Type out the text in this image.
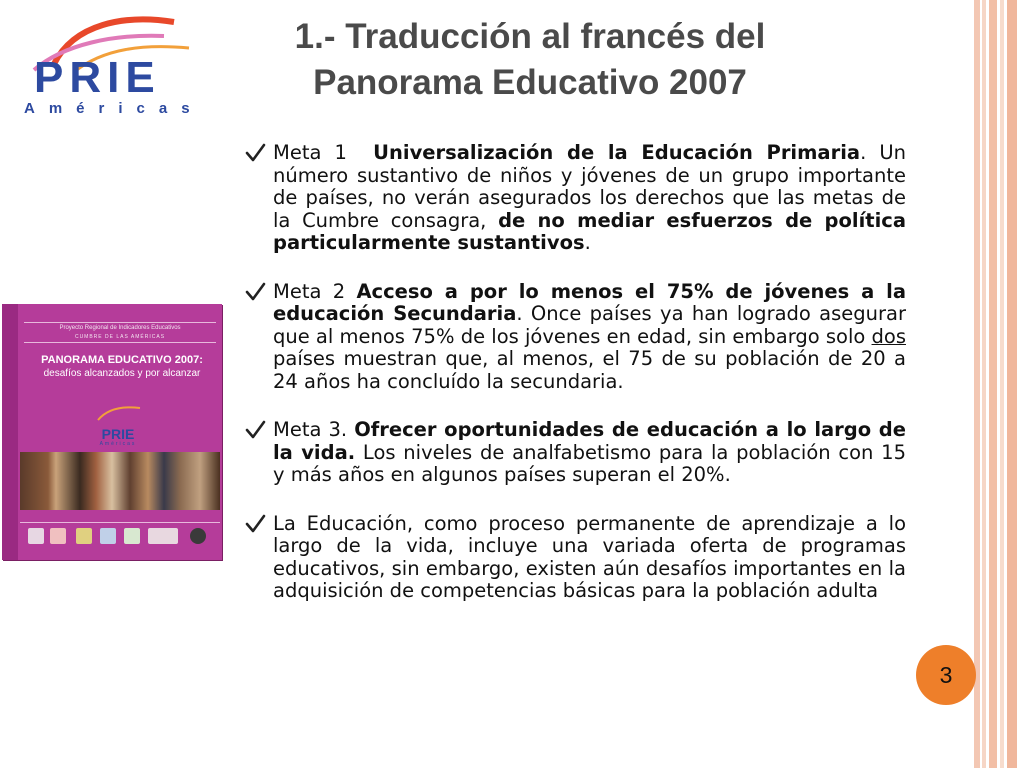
PRIE
Américas
1.- Traducción al francés del
Panorama Educativo 2007
Proyecto Regional de Indicadores Educativos
CUMBRE DE LAS AMÉRICAS
PANORAMA EDUCATIVO 2007:
desafíos alcanzados y por alcanzar
PRIE
Américas
Meta 1 Universalización de la Educación Primaria. Un número sustantivo de niños y jóvenes de un grupo importante de países, no verán asegurados los derechos que las metas de la Cumbre consagra, de no mediar esfuerzos de política particularmente sustantivos.
Meta 2 Acceso a por lo menos el 75% de jóvenes a la educación Secundaria. Once países ya han logrado asegurar que al menos 75% de los jóvenes en edad, sin embargo solo dos países muestran que, al menos, el 75 de su población de 20 a 24 años ha concluído la secundaria.
Meta 3. Ofrecer oportunidades de educación a lo largo de la vida. Los niveles de analfabetismo para la población con 15 y más años en algunos países superan el 20%.
La Educación, como proceso permanente de aprendizaje a lo largo de la vida, incluye una variada oferta de programas educativos, sin embargo, existen aún desafíos importantes en la adquisición de competencias básicas para la población adulta
3
